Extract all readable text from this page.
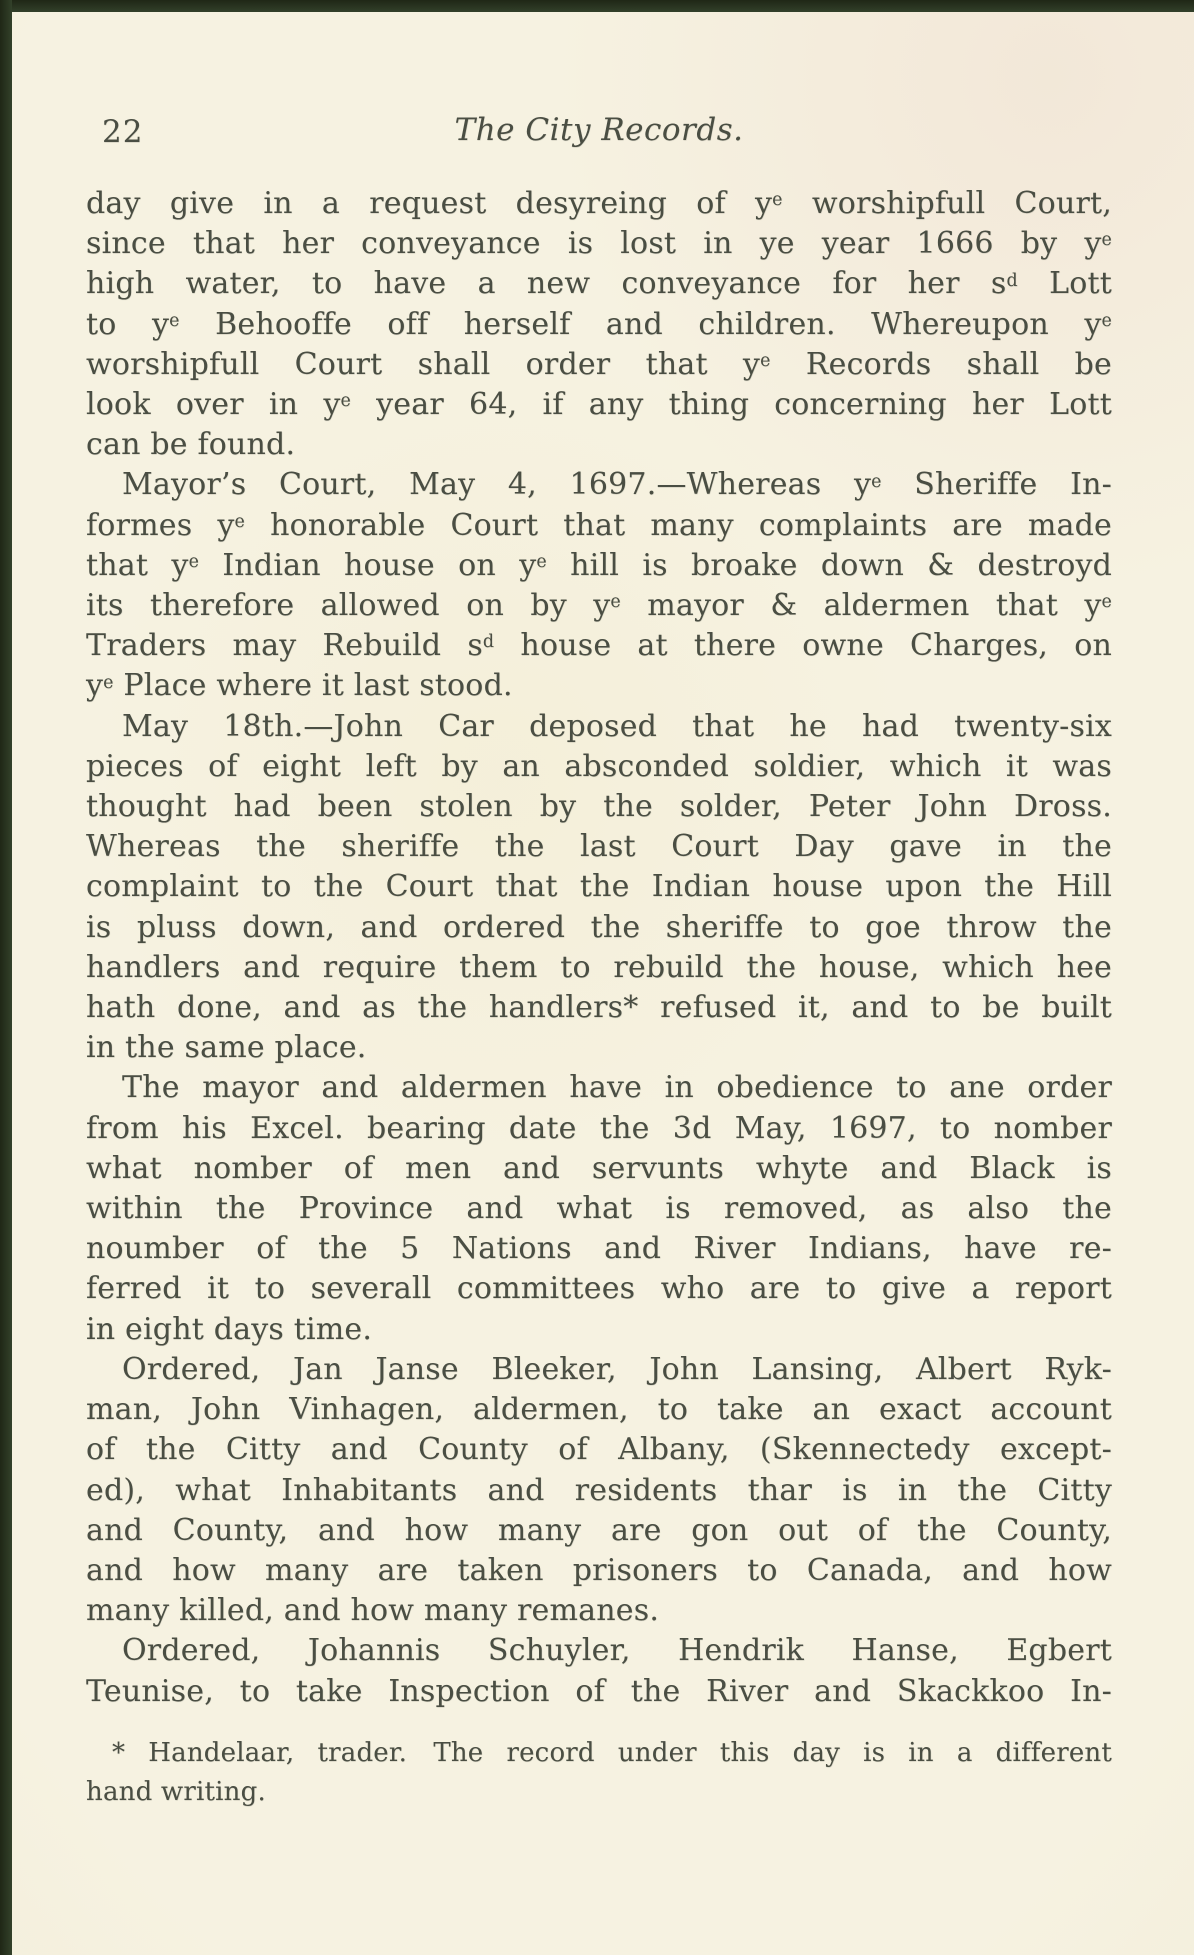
22	The City Records.
day give in a request desyreing of $y^e$ worshipfull Court,
since that her conveyance is lost in ye year 1666 by $y^e$
high water, to have a new conveyance for her $s^d$ Lott
to $y^e$ Behooffe off herself and children. Whereupon $y^e$
worshipfull Court shall order that $y^e$ Records shall be
look over in $y^e$ year 64, if any thing concerning her Lott
can be found.
Mayor’s Court, May 4, 1697.—Whereas $y^e$ Sheriffe In-
formes $y^e$ honorable Court that many complaints are made
that $y^e$ Indian house on $y^e$ hill is broake down & destroyd
its therefore allowed on by $y^e$ mayor & aldermen that $y^e$
Traders may Rebuild $s^d$ house at there owne Charges, on
$y^e$ Place where it last stood.
May 18th.—John Car deposed that he had twenty-six
pieces of eight left by an absconded soldier, which it was
thought had been stolen by the solder, Peter John Dross.
Whereas the sheriffe the last Court Day gave in the
complaint to the Court that the Indian house upon the Hill
is pluss down, and ordered the sheriffe to goe throw the
handlers and require them to rebuild the house, which hee
hath done, and as the handlers* refused it, and to be built
in the same place.
The mayor and aldermen have in obedience to ane order
from his Excel. bearing date the 3d May, 1697, to nomber
what nomber of men and servunts whyte and Black is
within the Province and what is removed, as also the
noumber of the 5 Nations and River Indians, have re-
ferred it to severall committees who are to give a report
in eight days time.
Ordered, Jan Janse Bleeker, John Lansing, Albert Ryk-
man, John Vinhagen, aldermen, to take an exact account
of the Citty and County of Albany, (Skennectedy except-
ed), what Inhabitants and residents thar is in the Citty
and County, and how many are gon out of the County,
and how many are taken prisoners to Canada, and how
many killed, and how many remanes.
Ordered, Johannis Schuyler, Hendrik Hanse, Egbert
Teunise, to take Inspection of the River and Skackkoo In-
* Handelaar, trader. The record under this day is in a different
hand writing.
